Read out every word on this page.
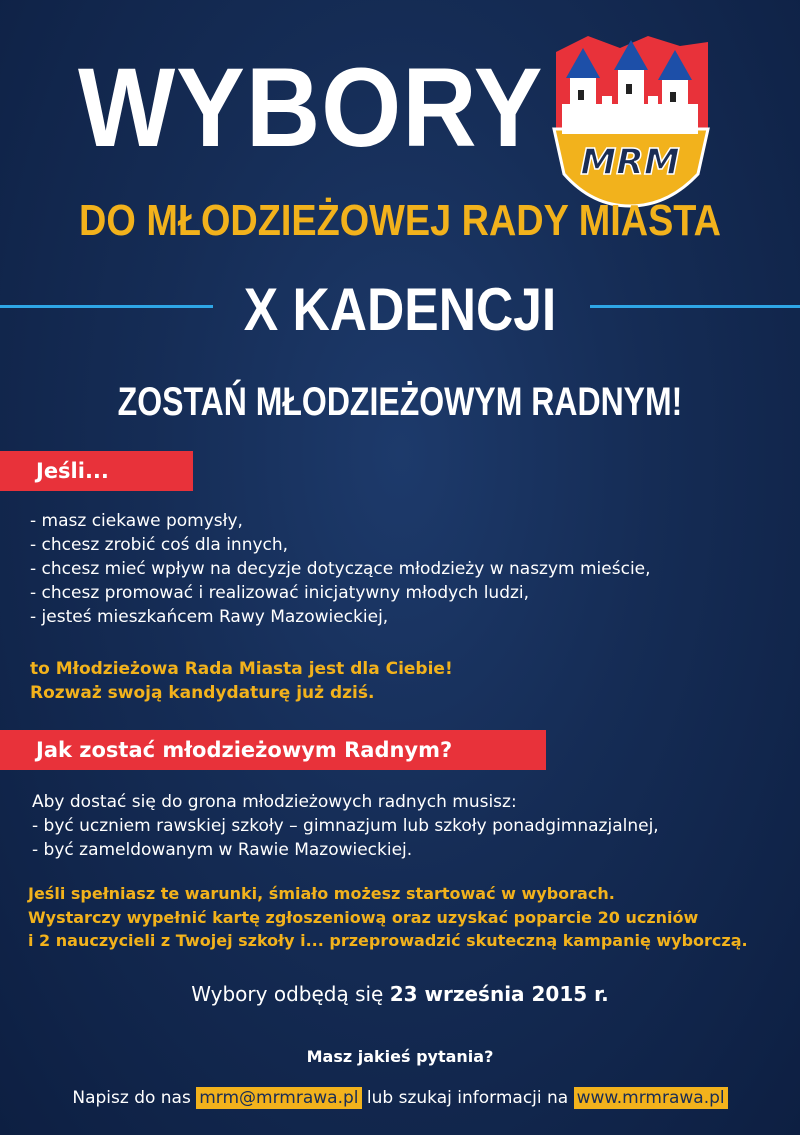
WYBORY MRM
DO MŁODZIEŻOWEJ RADY MIASTA
X KADENCJI
ZOSTAŃ MŁODZIEŻOWYM RADNYM!
Jeśli...
- masz ciekawe pomysły,
- chcesz zrobić coś dla innych,
- chcesz mieć wpływ na decyzje dotyczące młodzieży w naszym mieście,
- chcesz promować i realizować inicjatywny młodych ludzi,
- jesteś mieszkańcem Rawy Mazowieckiej,
to Młodzieżowa Rada Miasta jest dla Ciebie!
Rozważ swoją kandydaturę już dziś.
Jak zostać młodzieżowym Radnym?
Aby dostać się do grona młodzieżowych radnych musisz:
- być uczniem rawskiej szkoły – gimnazjum lub szkoły ponadgimnazjalnej,
- być zameldowanym w Rawie Mazowieckiej.
Jeśli spełniasz te warunki, śmiało możesz startować w wyborach.
Wystarczy wypełnić kartę zgłoszeniową oraz uzyskać poparcie 20 uczniów
i 2 nauczycieli z Twojej szkoły i... przeprowadzić skuteczną kampanię wyborczą.
Wybory odbędą się 23 września 2015 r.
Masz jakieś pytania?
Napisz do nas mrm@mrmrawa.pl lub szukaj informacji na www.mrmrawa.pl
